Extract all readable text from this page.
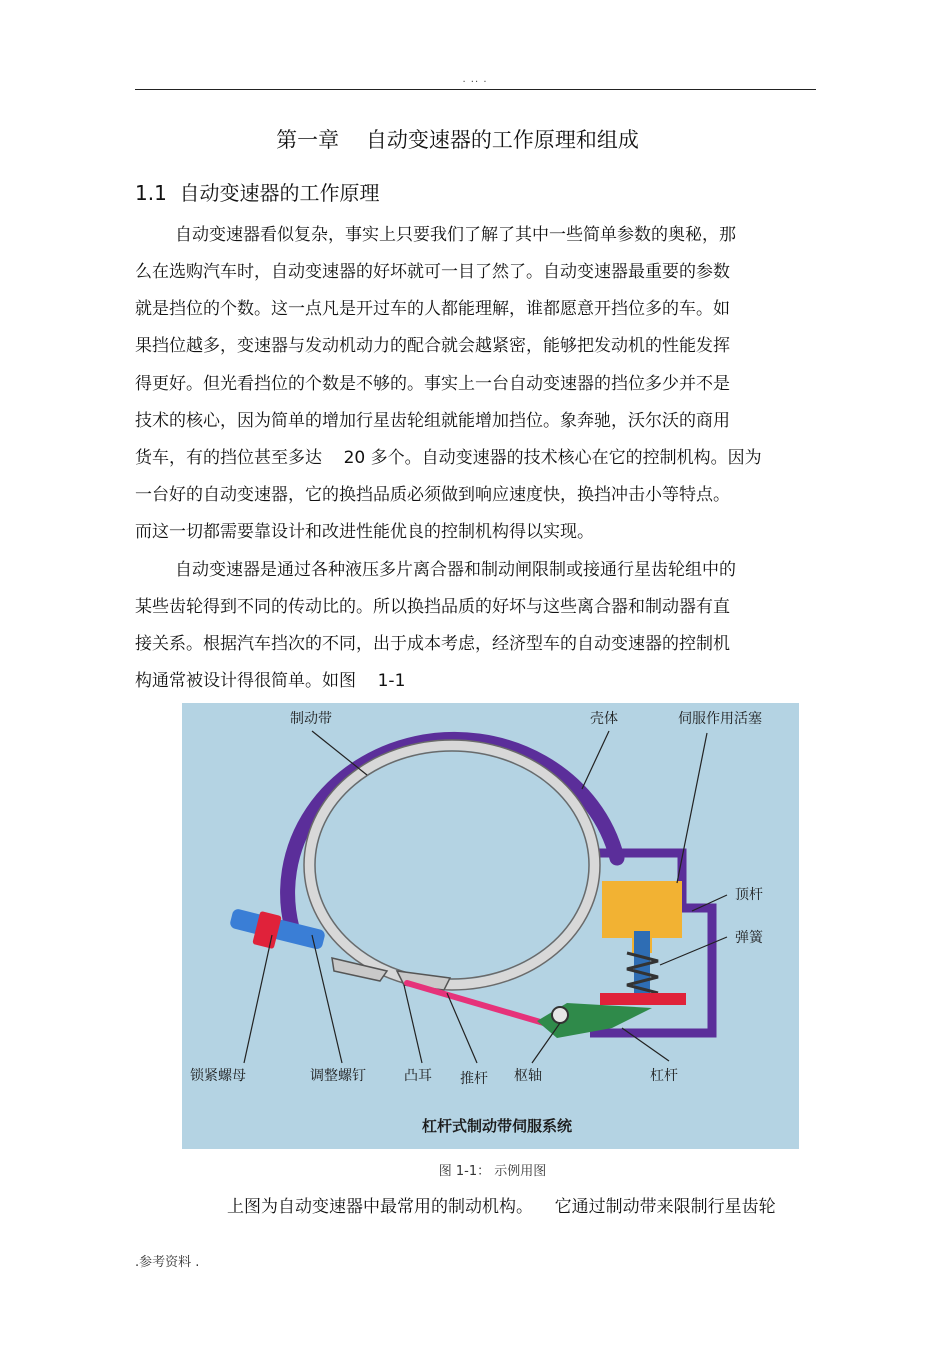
. .. .
第一章    自动变速器的工作原理和组成
1.1  自动变速器的工作原理
自动变速器看似复杂，事实上只要我们了解了其中一些简单参数的奥秘，那
么在选购汽车时，自动变速器的好坏就可一目了然了。自动变速器最重要的参数
就是挡位的个数。这一点凡是开过车的人都能理解，谁都愿意开挡位多的车。如
果挡位越多，变速器与发动机动力的配合就会越紧密，能够把发动机的性能发挥
得更好。但光看挡位的个数是不够的。事实上一台自动变速器的挡位多少并不是
技术的核心，因为简单的增加行星齿轮组就能增加挡位。象奔驰，沃尔沃的商用
货车，有的挡位甚至多达    20 多个。自动变速器的技术核心在它的控制机构。因为
一台好的自动变速器，它的换挡品质必须做到响应速度快，换挡冲击小等特点。
而这一切都需要靠设计和改进性能优良的控制机构得以实现。
自动变速器是通过各种液压多片离合器和制动闸限制或接通行星齿轮组中的
某些齿轮得到不同的传动比的。所以换挡品质的好坏与这些离合器和制动器有直
接关系。根据汽车挡次的不同，出于成本考虑，经济型车的自动变速器的控制机
构通常被设计得很简单。如图    1-1
制动带	壳体	伺服作用活塞
顶杆
弹簧
锁紧螺母	调整螺钉	凸耳 推杆 枢轴	杠杆
杠杆式制动带伺服系统
图 1-1： 示例用图
上图为自动变速器中最常用的制动机构。    它通过制动带来限制行星齿轮
.参考资料 .
